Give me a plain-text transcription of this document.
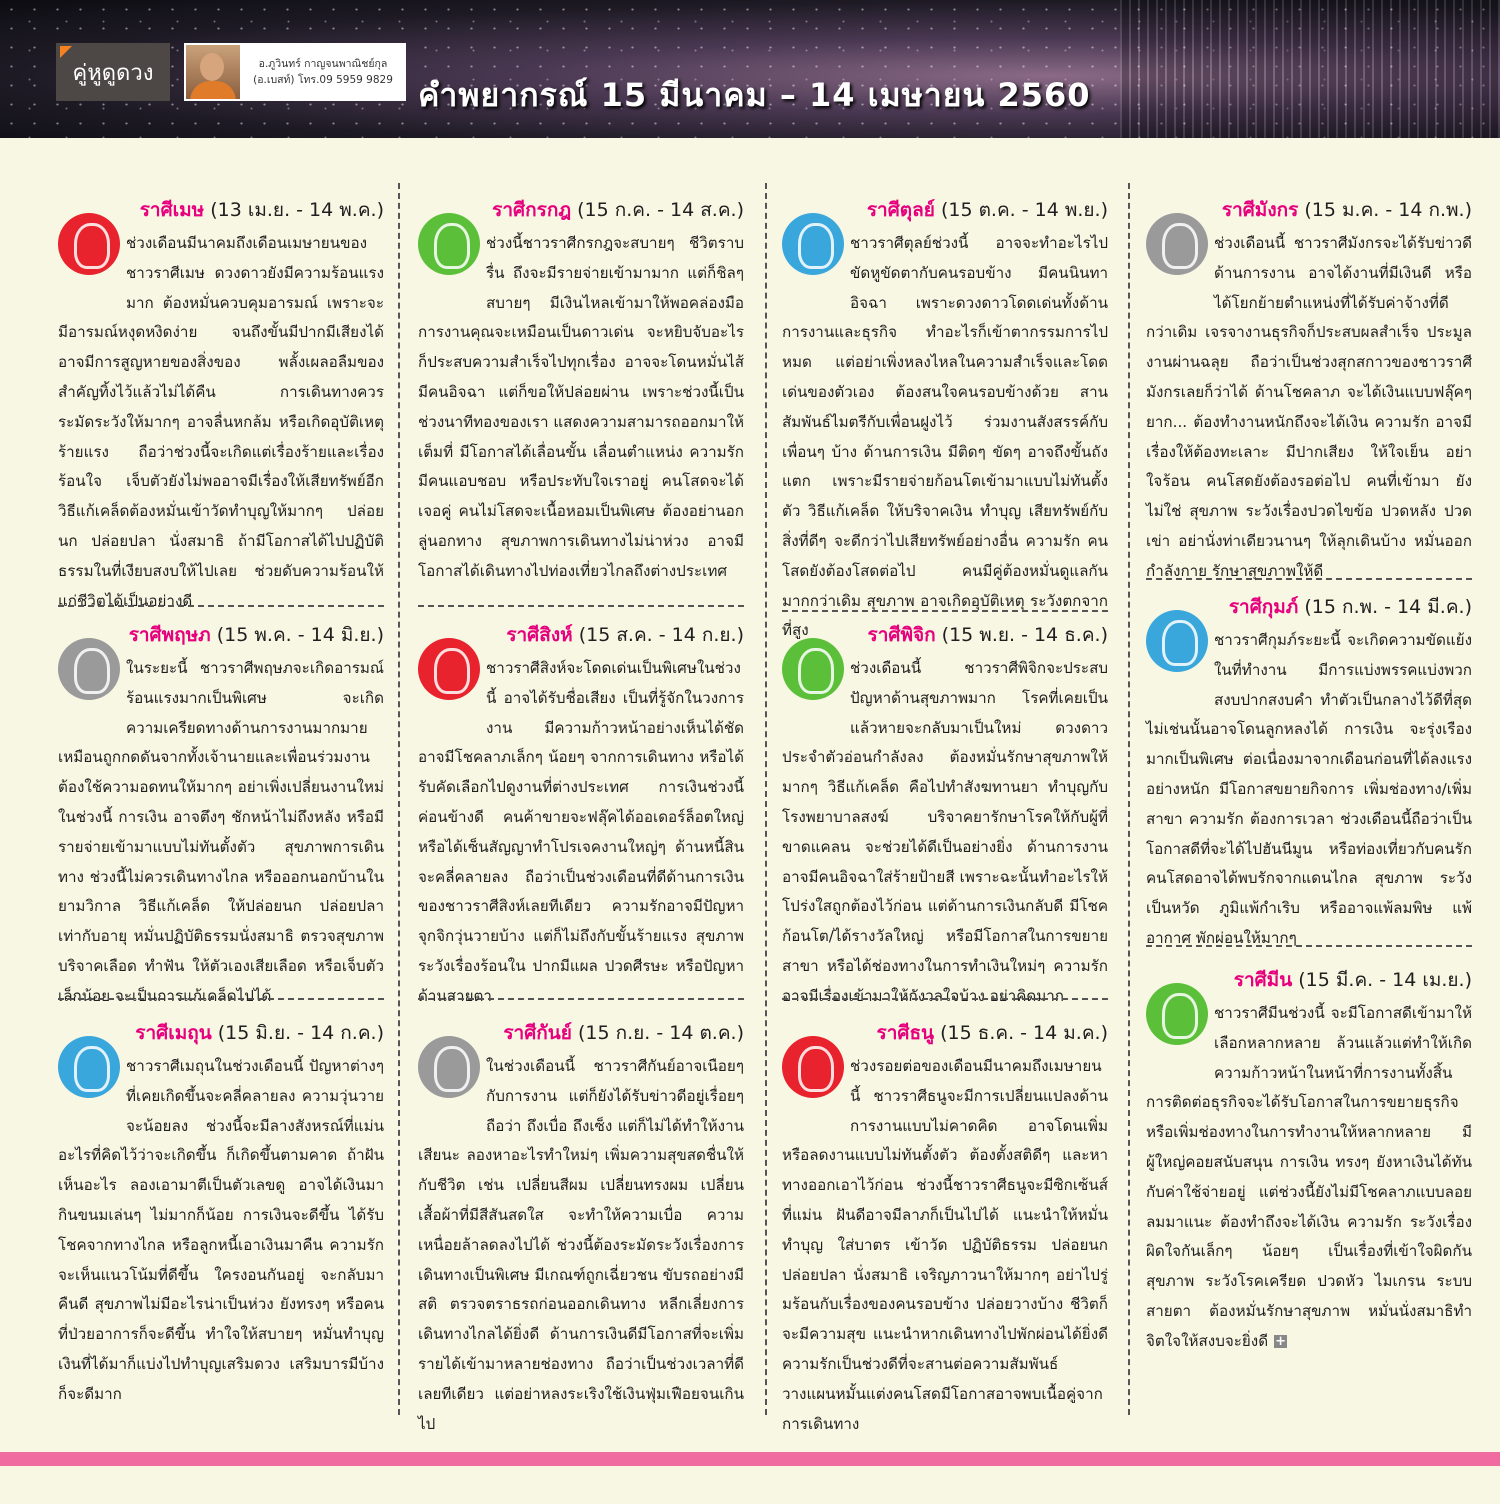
คู่หูดูดวง	อ.ภูวินทร์ กาญจนพาณิชย์กุล
(อ.เบสท์) โทร.09 5959 9829 คำพยากรณ์ 15 มีนาคม – 14 เมษายน 2560
ราศีเมษ (13 เม.ย. - 14 พ.ค.)
ช่วงเดือนมีนาคมถึงเดือนเมษายนของชาวราศีเมษ ดวงดาวยังมีความร้อนแรงมาก ต้องหมั่นควบคุมอารมณ์ เพราะจะมีอารมณ์หงุดหงิดง่าย จนถึงขั้นมีปากมีเสียงได้ อาจมีการสูญหายของสิ่งของ พลั้งเผลอลืมของสำคัญทิ้งไว้แล้วไม่ได้คืน การเดินทางควรระมัดระวังให้มากๆ อาจลื่นหกล้ม หรือเกิดอุบัติเหตุร้ายแรง ถือว่าช่วงนี้จะเกิดแต่เรื่องร้ายและเรื่องร้อนใจ เจ็บตัวยังไม่พออาจมีเรื่องให้เสียทรัพย์อีก วิธีแก้เคล็ดต้องหมั่นเข้าวัดทำบุญให้มากๆ ปล่อยนก ปล่อยปลา นั่งสมาธิ ถ้ามีโอกาสได้ไปปฏิบัติธรรมในที่เงียบสงบให้ไปเลย ช่วยดับความร้อนให้แก่ชีวิตได้เป็นอย่างดี
ราศีพฤษภ (15 พ.ค. - 14 มิ.ย.)
ในระยะนี้ ชาวราศีพฤษภจะเกิดอารมณ์ร้อนแรงมากเป็นพิเศษ จะเกิดความเครียดทางด้านการงานมากมาย เหมือนถูกกดดันจากทั้งเจ้านายและเพื่อนร่วมงาน ต้องใช้ความอดทนให้มากๆ อย่าเพิ่งเปลี่ยนงานใหม่ในช่วงนี้ การเงิน อาจตึงๆ ชักหน้าไม่ถึงหลัง หรือมีรายจ่ายเข้ามาแบบไม่ทันตั้งตัว สุขภาพการเดินทาง ช่วงนี้ไม่ควรเดินทางไกล หรือออกนอกบ้านในยามวิกาล วิธีแก้เคล็ด ให้ปล่อยนก ปล่อยปลาเท่ากับอายุ หมั่นปฏิบัติธรรมนั่งสมาธิ ตรวจสุขภาพ บริจาคเลือด ทำฟัน ให้ตัวเองเสียเลือด หรือเจ็บตัวเล็กน้อย จะเป็นการแก้เคล็ดไปได้
ราศีเมถุน (15 มิ.ย. - 14 ก.ค.)
ชาวราศีเมถุนในช่วงเดือนนี้ ปัญหาต่างๆ ที่เคยเกิดขึ้นจะคลี่คลายลง ความวุ่นวายจะน้อยลง ช่วงนี้จะมีลางสังหรณ์ที่แม่น อะไรที่คิดไว้ว่าจะเกิดขึ้น ก็เกิดขึ้นตามคาด ถ้าฝันเห็นอะไร ลองเอามาตีเป็นตัวเลขดู อาจได้เงินมากินขนมเล่นๆ ไม่มากก็น้อย การเงินจะดีขึ้น ได้รับโชคจากทางไกล หรือลูกหนี้เอาเงินมาคืน ความรักจะเห็นแนวโน้มที่ดีขึ้น ใครงอนกันอยู่ จะกลับมาคืนดี สุขภาพไม่มีอะไรน่าเป็นห่วง ยังทรงๆ หรือคนที่ป่วยอาการก็จะดีขึ้น ทำใจให้สบายๆ หมั่นทำบุญ เงินที่ได้มาก็แบ่งไปทำบุญเสริมดวง เสริมบารมีบ้าง ก็จะดีมาก
ราศีกรกฎ (15 ก.ค. - 14 ส.ค.)
ช่วงนี้ชาวราศีกรกฎจะสบายๆ ชีวิตราบรื่น ถึงจะมีรายจ่ายเข้ามามาก แต่ก็ชิลๆ สบายๆ มีเงินไหลเข้ามาให้พอคล่องมือ การงานคุณจะเหมือนเป็นดาวเด่น จะหยิบจับอะไรก็ประสบความสำเร็จไปทุกเรื่อง อาจจะโดนหมั่นไส้มีคนอิจฉา แต่ก็ขอให้ปล่อยผ่าน เพราะช่วงนี้เป็นช่วงนาทีทองของเรา แสดงความสามารถออกมาให้เต็มที่ มีโอกาสได้เลื่อนขั้น เลื่อนตำแหน่ง ความรัก มีคนแอบชอบ หรือประทับใจเราอยู่ คนโสดจะได้เจอคู่ คนไม่โสดจะเนื้อหอมเป็นพิเศษ ต้องอย่านอกลู่นอกทาง สุขภาพการเดินทางไม่น่าห่วง อาจมีโอกาสได้เดินทางไปท่องเที่ยวไกลถึงต่างประเทศ
ราศีสิงห์ (15 ส.ค. - 14 ก.ย.)
ชาวราศีสิงห์จะโดดเด่นเป็นพิเศษในช่วงนี้ อาจได้รับชื่อเสียง เป็นที่รู้จักในวงการงาน มีความก้าวหน้าอย่างเห็นได้ชัด อาจมีโชคลาภเล็กๆ น้อยๆ จากการเดินทาง หรือได้รับคัดเลือกไปดูงานที่ต่างประเทศ การเงินช่วงนี้ค่อนข้างดี คนค้าขายจะฟลุ๊คได้ออเดอร์ล็อตใหญ่ หรือได้เซ็นสัญญาทำโปรเจคงานใหญ่ๆ ด้านหนี้สินจะคลี่คลายลง ถือว่าเป็นช่วงเดือนที่ดีด้านการเงินของชาวราศีสิงห์เลยทีเดียว ความรักอาจมีปัญหาจุกจิกวุ่นวายบ้าง แต่ก็ไม่ถึงกับขั้นร้ายแรง สุขภาพ ระวังเรื่องร้อนใน ปากมีแผล ปวดศีรษะ หรือปัญหาด้านสายตา
ราศีกันย์ (15 ก.ย. - 14 ต.ค.)
ในช่วงเดือนนี้ ชาวราศีกันย์อาจเนือยๆ กับการงาน แต่ก็ยังได้รับข่าวดีอยู่เรื่อยๆ ถือว่า ถึงเบื่อ ถึงเซ็ง แต่ก็ไม่ได้ทำให้งานเสียนะ ลองหาอะไรทำใหม่ๆ เพิ่มความสุขสดชื่นให้กับชีวิต เช่น เปลี่ยนสีผม เปลี่ยนทรงผม เปลี่ยนเสื้อผ้าที่มีสีสันสดใส จะทำให้ความเบื่อ ความเหนื่อยล้าลดลงไปได้ ช่วงนี้ต้องระมัดระวังเรื่องการเดินทางเป็นพิเศษ มีเกณฑ์ถูกเฉี่ยวชน ขับรถอย่างมีสติ ตรวจตราธรถก่อนออกเดินทาง หลีกเลี่ยงการเดินทางไกลได้ยิ่งดี ด้านการเงินดีมีโอกาสที่จะเพิ่มรายได้เข้ามาหลายช่องทาง ถือว่าเป็นช่วงเวลาที่ดีเลยทีเดียว แต่อย่าหลงระเริงใช้เงินฟุ่มเฟือยจนเกินไป
ราศีตุลย์ (15 ต.ค. - 14 พ.ย.)
ชาวราศีตุลย์ช่วงนี้ อาจจะทำอะไรไปขัดหูขัดตากับคนรอบข้าง มีคนนินทาอิจฉา เพราะดวงดาวโดดเด่นทั้งด้านการงานและธุรกิจ ทำอะไรก็เข้าตากรรมการไปหมด แต่อย่าเพิ่งหลงไหลในความสำเร็จและโดดเด่นของตัวเอง ต้องสนใจคนรอบข้างด้วย สานสัมพันธ์ไมตรีกับเพื่อนฝูงไว้ ร่วมงานสังสรรค์กับเพื่อนๆ บ้าง ด้านการเงิน มีติดๆ ขัดๆ อาจถึงขั้นถังแตก เพราะมีรายจ่ายก้อนโตเข้ามาแบบไม่ทันตั้งตัว วิธีแก้เคล็ด ให้บริจาคเงิน ทำบุญ เสียทรัพย์กับสิ่งที่ดีๆ จะดีกว่าไปเสียทรัพย์อย่างอื่น ความรัก คนโสดยังต้องโสดต่อไป คนมีคู่ต้องหมั่นดูแลกันมากกว่าเดิม สุขภาพ อาจเกิดอุบัติเหตุ ระวังตกจากที่สูง	ราศีพิจิก (15 พ.ย. - 14 ธ.ค.)
ช่วงเดือนนี้ ชาวราศีพิจิกจะประสบปัญหาด้านสุขภาพมาก โรคที่เคยเป็นแล้วหายจะกลับมาเป็นใหม่ ดวงดาวประจำตัวอ่อนกำลังลง ต้องหมั่นรักษาสุขภาพให้มากๆ วิธีแก้เคล็ด คือไปทำสังฆทานยา ทำบุญกับโรงพยาบาลสงฆ์ บริจาคยารักษาโรคให้กับผู้ที่ขาดแคลน จะช่วยได้ดีเป็นอย่างยิ่ง ด้านการงาน อาจมีคนอิจฉาใส่ร้ายป้ายสี เพราะฉะนั้นทำอะไรให้โปร่งใสถูกต้องไว้ก่อน แต่ด้านการเงินกลับดี มีโชคก้อนโต/ได้รางวัลใหญ่ หรือมีโอกาสในการขยายสาขา หรือได้ช่องทางในการทำเงินใหม่ๆ ความรักอาจมีเรื่องเข้ามาให้กังวลใจบ้าง อย่าคิดมาก
ราศีธนู (15 ธ.ค. - 14 ม.ค.)
ช่วงรอยต่อของเดือนมีนาคมถึงเมษายนนี้ ชาวราศีธนูจะมีการเปลี่ยนแปลงด้านการงานแบบไม่คาดคิด อาจโดนเพิ่ม หรือลดงานแบบไม่ทันตั้งตัว ต้องตั้งสติดีๆ และหาทางออกเอาไว้ก่อน ช่วงนี้ชาวราศีธนูจะมีซิกเซ้นส์ที่แม่น ฝันดีอาจมีลาภก็เป็นไปได้ แนะนำให้หมั่นทำบุญ ใส่บาตร เข้าวัด ปฏิบัติธรรม ปล่อยนก ปล่อยปลา นั่งสมาธิ เจริญภาวนาให้มากๆ อย่าไปรู่มร้อนกับเรื่องของคนรอบข้าง ปล่อยวางบ้าง ชีวิตก็จะมีความสุข แนะนำหากเดินทางไปพักผ่อนได้ยิ่งดี ความรักเป็นช่วงดีที่จะสานต่อความสัมพันธ์ วางแผนหมั้นแต่งคนโสดมีโอกาสอาจพบเนื้อคู่จากการเดินทาง
ราศีมังกร (15 ม.ค. - 14 ก.พ.)
ช่วงเดือนนี้ ชาวราศีมังกรจะได้รับข่าวดีด้านการงาน อาจได้งานที่มีเงินดี หรือได้โยกย้ายตำแหน่งที่ได้รับค่าจ้างที่ดีกว่าเดิม เจรจางานธุรกิจก็ประสบผลสำเร็จ ประมูลงานผ่านฉลุย ถือว่าเป็นช่วงสุกสกาวของชาวราศีมังกรเลยก็ว่าได้ ด้านโชคลาภ จะได้เงินแบบฟลุ๊คๆ ยาก... ต้องทำงานหนักถึงจะได้เงิน ความรัก อาจมีเรื่องให้ต้องทะเลาะ มีปากเสียง ให้ใจเย็น อย่าใจร้อน คนโสดยังต้องรอต่อไป คนที่เข้ามา ยังไม่ใช่ สุขภาพ ระวังเรื่องปวดไขข้อ ปวดหลัง ปวดเข่า อย่านั่งท่าเดียวนานๆ ให้ลุกเดินบ้าง หมั่นออกกำลังกาย รักษาสุขภาพให้ดี
ราศีกุมภ์ (15 ก.พ. - 14 มี.ค.)
ชาวราศีกุมภ์ระยะนี้ จะเกิดความขัดแย้งในที่ทำงาน มีการแบ่งพรรคแบ่งพวก สงบปากสงบคำ ทำตัวเป็นกลางไว้ดีที่สุด ไม่เช่นนั้นอาจโดนลูกหลงได้ การเงิน จะรุ่งเรืองมากเป็นพิเศษ ต่อเนื่องมาจากเดือนก่อนที่ได้ลงแรงอย่างหนัก มีโอกาสขยายกิจการ เพิ่มช่องทาง/เพิ่มสาขา ความรัก ต้องการเวลา ช่วงเดือนนี้ถือว่าเป็นโอกาสดีที่จะได้ไปฮันนีมูน หรือท่องเที่ยวกับคนรัก คนโสดอาจได้พบรักจากแดนไกล สุขภาพ ระวังเป็นหวัด ภูมิแพ้กำเริบ หรืออาจแพ้ลมพิษ แพ้อากาศ พักผ่อนให้มากๆ
ราศีมีน (15 มี.ค. - 14 เม.ย.)
ชาวราศีมีนช่วงนี้ จะมีโอกาสดีเข้ามาให้เลือกหลากหลาย ล้วนแล้วแต่ทำให้เกิดความก้าวหน้าในหน้าที่การงานทั้งสิ้น การติดต่อธุรกิจจะได้รับโอกาสในการขยายธุรกิจ หรือเพิ่มช่องทางในการทำงานให้หลากหลาย มีผู้ใหญ่คอยสนับสนุน การเงิน ทรงๆ ยังหาเงินได้ทันกับค่าใช้จ่ายอยู่ แต่ช่วงนี้ยังไม่มีโชคลาภแบบลอยลมมาแนะ ต้องทำถึงจะได้เงิน ความรัก ระวังเรื่องผิดใจกันเล็กๆ น้อยๆ เป็นเรื่องที่เข้าใจผิดกัน สุขภาพ ระวังโรคเครียด ปวดหัว ไมเกรน ระบบสายตา ต้องหมั่นรักษาสุขภาพ หมั่นนั่งสมาธิทำจิตใจให้สงบจะยิ่งดี +
